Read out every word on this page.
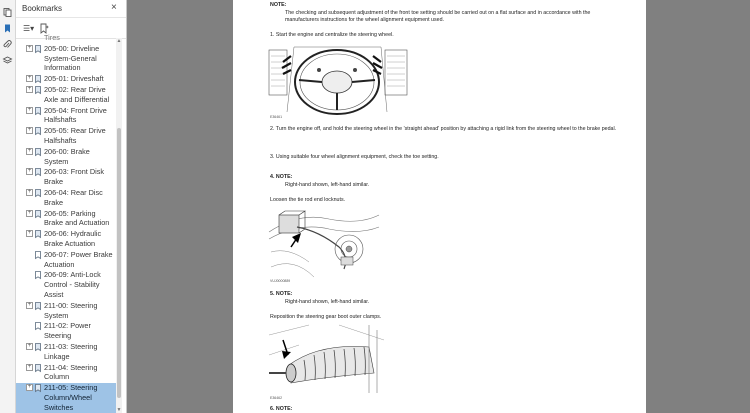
Bookmarks	×
☰▾
Tires
+ 205-00: Driveline System-General Information
+ 205-01: Driveshaft
+ 205-02: Rear Drive Axle and Differential
+ 205-04: Front Drive Halfshafts
+ 205-05: Rear Drive Halfshafts
+ 206-00: Brake System
+ 206-03: Front Disk Brake
+ 206-04: Rear Disc Brake
+ 206-05: Parking Brake and Actuation
+ 206-06: Hydraulic Brake Actuation
206-07: Power Brake Actuation
206-09: Anti-Lock Control - Stability Assist
+ 211-00: Steering System
211-02: Power Steering
+ 211-03: Steering Linkage
+ 211-04: Steering Column
+ 211-05: Steering Column/Wheel Switches
▲
▼
NOTE:
The checking and subsequent adjustment of the front toe setting should be carried out on a flat surface and in accordance with the manufacturers instructions for the wheel alignment equipment used.
1. Start the engine and centralize the steering wheel.
E36461
2. Turn the engine off, and hold the steering wheel in the 'straight ahead' position by attaching a rigid link from the steering wheel to the brake pedal.
3. Using suitable four wheel alignment equipment, check the toe setting.
4. NOTE:
Right-hand shown, left-hand similar.
Loosen the tie rod end locknuts.
VUJ0000889
5. NOTE:
Right-hand shown, left-hand similar.
Reposition the steering gear boot outer clamps.
E36462
6. NOTE:
